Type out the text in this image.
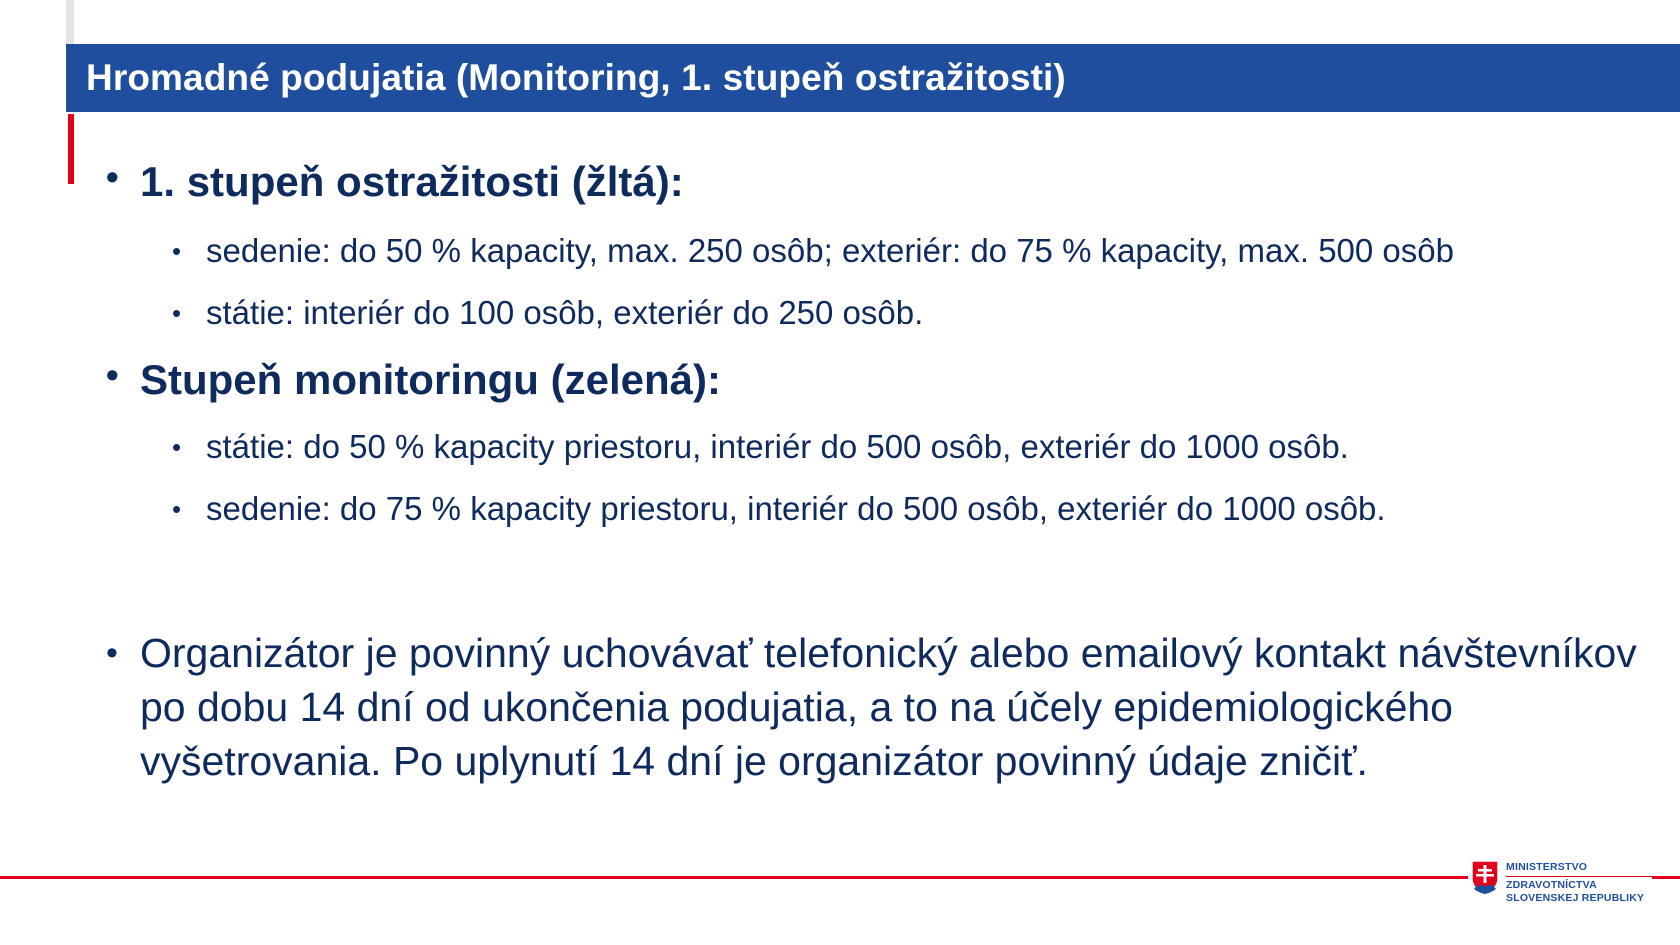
Hromadné podujatia (Monitoring, 1. stupeň ostražitosti)
• 1. stupeň ostražitosti (žltá):
• sedenie: do 50 % kapacity, max. 250 osôb; exteriér: do 75 % kapacity, max. 500 osôb
• státie: interiér do 100 osôb, exteriér do 250 osôb.
• Stupeň monitoringu (zelená):
• státie: do 50 % kapacity priestoru, interiér do 500 osôb, exteriér do 1000 osôb.
• sedenie: do 75 % kapacity priestoru, interiér do 500 osôb, exteriér do 1000 osôb.
• Organizátor je povinný uchovávať telefonický alebo emailový kontakt návštevníkov po dobu 14 dní od ukončenia podujatia, a to na účely epidemiologického vyšetrovania. Po uplynutí 14 dní je organizátor povinný údaje zničiť.
MINISTERSTVO
ZDRAVOTNÍCTVA
SLOVENSKEJ REPUBLIKY
